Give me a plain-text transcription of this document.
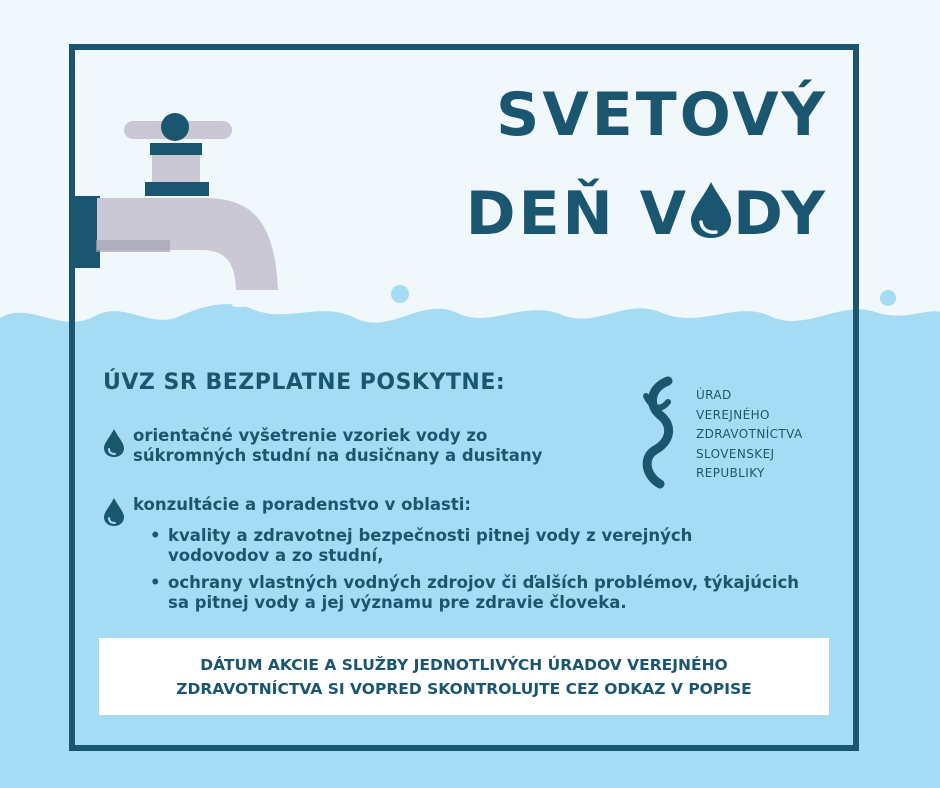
SVETOVÝ
DEŇ V DY
ÚVZ SR BEZPLATNE POSKYTNE:
orientačné vyšetrenie vzoriek vody zo súkromných studní na dusičnany a dusitany
konzultácie a poradenstvo v oblasti:
• kvality a zdravotnej bezpečnosti pitnej vody z verejných vodovodov a zo studní,
• ochrany vlastných vodných zdrojov či ďalších problémov, týkajúcich sa pitnej vody a jej významu pre zdravie človeka.
ÚRAD
VEREJNÉHO
ZDRAVOTNÍCTVA
SLOVENSKEJ
REPUBLIKY
DÁTUM AKCIE A SLUŽBY JEDNOTLIVÝCH ÚRADOV VEREJNÉHO
ZDRAVOTNÍCTVA SI VOPRED SKONTROLUJTE CEZ ODKAZ V POPISE
